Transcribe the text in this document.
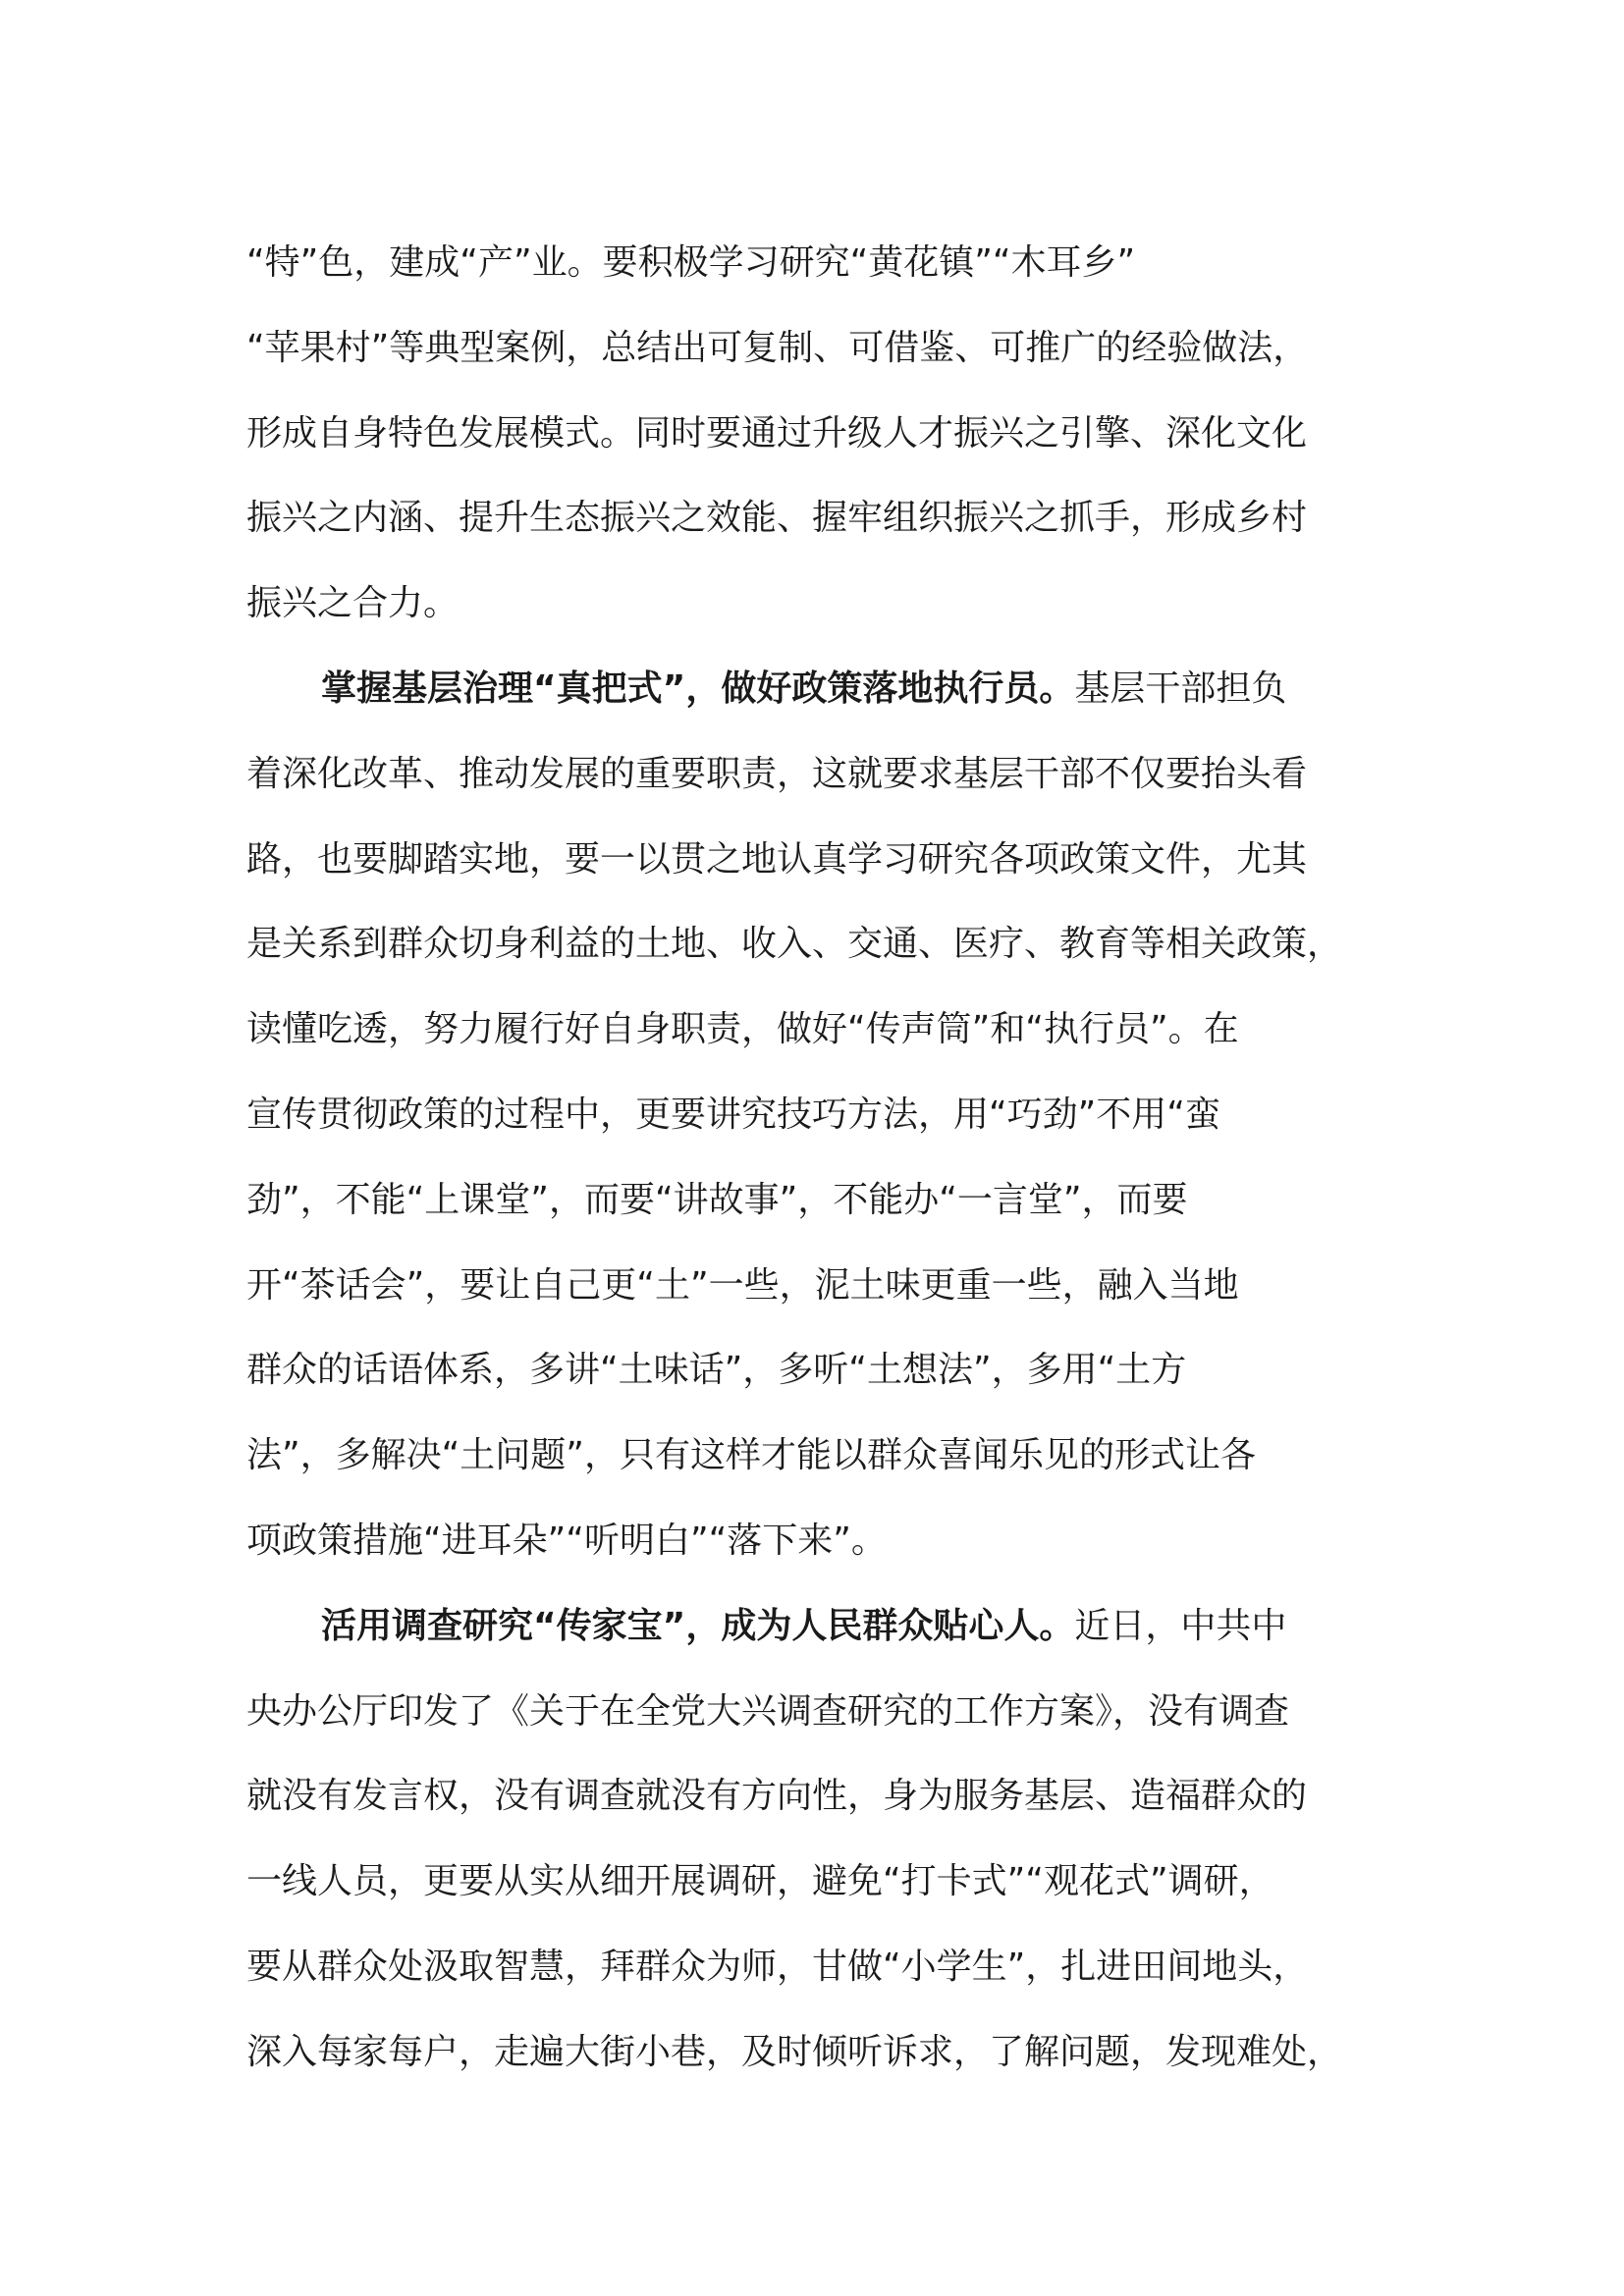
“特”色，建成“产”业。要积极学习研究“黄花镇”“木耳乡”
“苹果村”等典型案例，总结出可复制、可借鉴、可推广的经验做法，
形成自身特色发展模式。同时要通过升级人才振兴之引擎、深化文化
振兴之内涵、提升生态振兴之效能、握牢组织振兴之抓手，形成乡村
振兴之合力。
掌握基层治理“真把式”，做好政策落地执行员。基层干部担负
着深化改革、推动发展的重要职责，这就要求基层干部不仅要抬头看
路，也要脚踏实地，要一以贯之地认真学习研究各项政策文件，尤其
是关系到群众切身利益的土地、收入、交通、医疗、教育等相关政策，
读懂吃透，努力履行好自身职责，做好“传声筒”和“执行员”。在
宣传贯彻政策的过程中，更要讲究技巧方法，用“巧劲”不用“蛮
劲”，不能“上课堂”，而要“讲故事”，不能办“一言堂”，而要
开“茶话会”，要让自己更“土”一些，泥土味更重一些，融入当地
群众的话语体系，多讲“土味话”，多听“土想法”，多用“土方
法”，多解决“土问题”，只有这样才能以群众喜闻乐见的形式让各
项政策措施“进耳朵”“听明白”“落下来”。
活用调查研究“传家宝”，成为人民群众贴心人。近日，中共中
央办公厅印发了《关于在全党大兴调查研究的工作方案》，没有调查
就没有发言权，没有调查就没有方向性，身为服务基层、造福群众的
一线人员，更要从实从细开展调研，避免“打卡式”“观花式”调研，
要从群众处汲取智慧，拜群众为师，甘做“小学生”，扎进田间地头，
深入每家每户，走遍大街小巷，及时倾听诉求，了解问题，发现难处，
